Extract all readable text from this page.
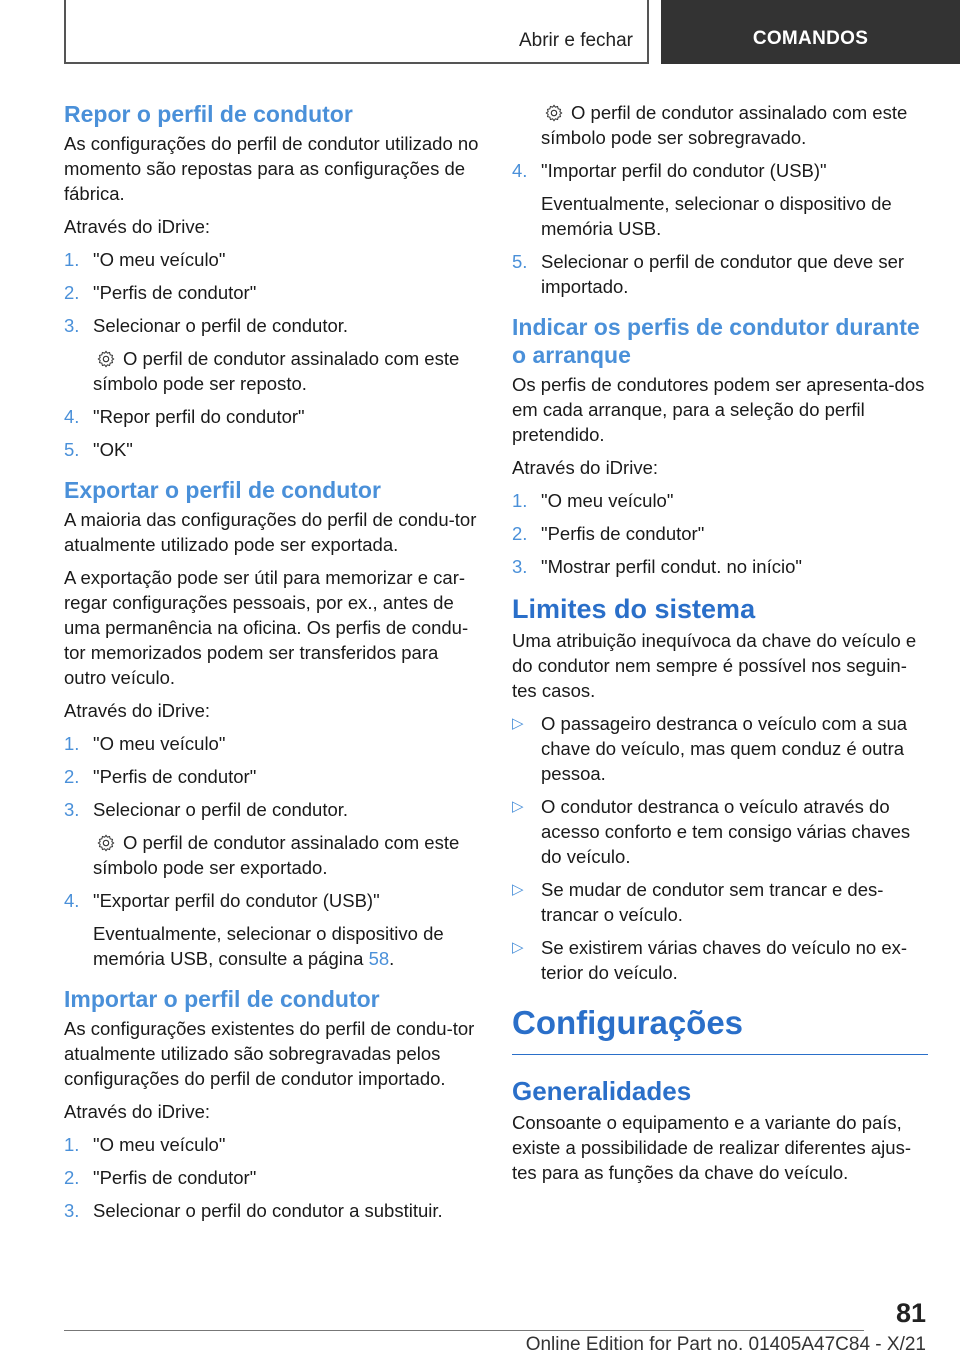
Abrir e fechar	COMANDOS
Repor o perfil de condutor

As configurações do perfil de condutor utilizado no momento são repostas para as configurações de fábrica.

Através do iDrive:

1. "O meu veículo"
2. "Perfis de condutor"
3. Selecionar o perfil de condutor.
O perfil de condutor assinalado com este símbolo pode ser reposto.
4. "Repor perfil do condutor"
5. "OK"
Exportar o perfil de condutor

A maioria das configurações do perfil de condu‐tor atualmente utilizado pode ser exportada.

A exportação pode ser útil para memorizar e car‐regar configurações pessoais, por ex., antes de uma permanência na oficina. Os perfis de condu‐tor memorizados podem ser transferidos para outro veículo.

Através do iDrive:

1. "O meu veículo"
2. "Perfis de condutor"
3. Selecionar o perfil de condutor.
O perfil de condutor assinalado com este símbolo pode ser exportado.
4. "Exportar perfil do condutor (USB)"
Eventualmente, selecionar o dispositivo de memória USB, consulte a página 58.
Importar o perfil de condutor

As configurações existentes do perfil de condu‐tor atualmente utilizado são sobregravadas pelos configurações do perfil de condutor importado.

Através do iDrive:

1. "O meu veículo"
2. "Perfis de condutor"
3. Selecionar o perfil do condutor a substituir.
O perfil de condutor assinalado com este símbolo pode ser sobregravado.
4. "Importar perfil do condutor (USB)"
Eventualmente, selecionar o dispositivo de memória USB.
5. Selecionar o perfil de condutor que deve ser importado.
Indicar os perfis de condutor durante o arranque

Os perfis de condutores podem ser apresenta‐dos em cada arranque, para a seleção do perfil pretendido.

Através do iDrive:

1. "O meu veículo"
2. "Perfis de condutor"
3. "Mostrar perfil condut. no início"
Limites do sistema

Uma atribuição inequívoca da chave do veículo e do condutor nem sempre é possível nos seguin‐tes casos.

▷ O passageiro destranca o veículo com a sua chave do veículo, mas quem conduz é outra pessoa.
▷ O condutor destranca o veículo através do acesso conforto e tem consigo várias chaves do veículo.
▷ Se mudar de condutor sem trancar e des‐trancar o veículo.
▷ Se existirem várias chaves do veículo no ex‐terior do veículo.
Configurações
Generalidades

Consoante o equipamento e a variante do país, existe a possibilidade de realizar diferentes ajus‐tes para as funções da chave do veículo.

81
Online Edition for Part no. 01405A47C84 - X/21
